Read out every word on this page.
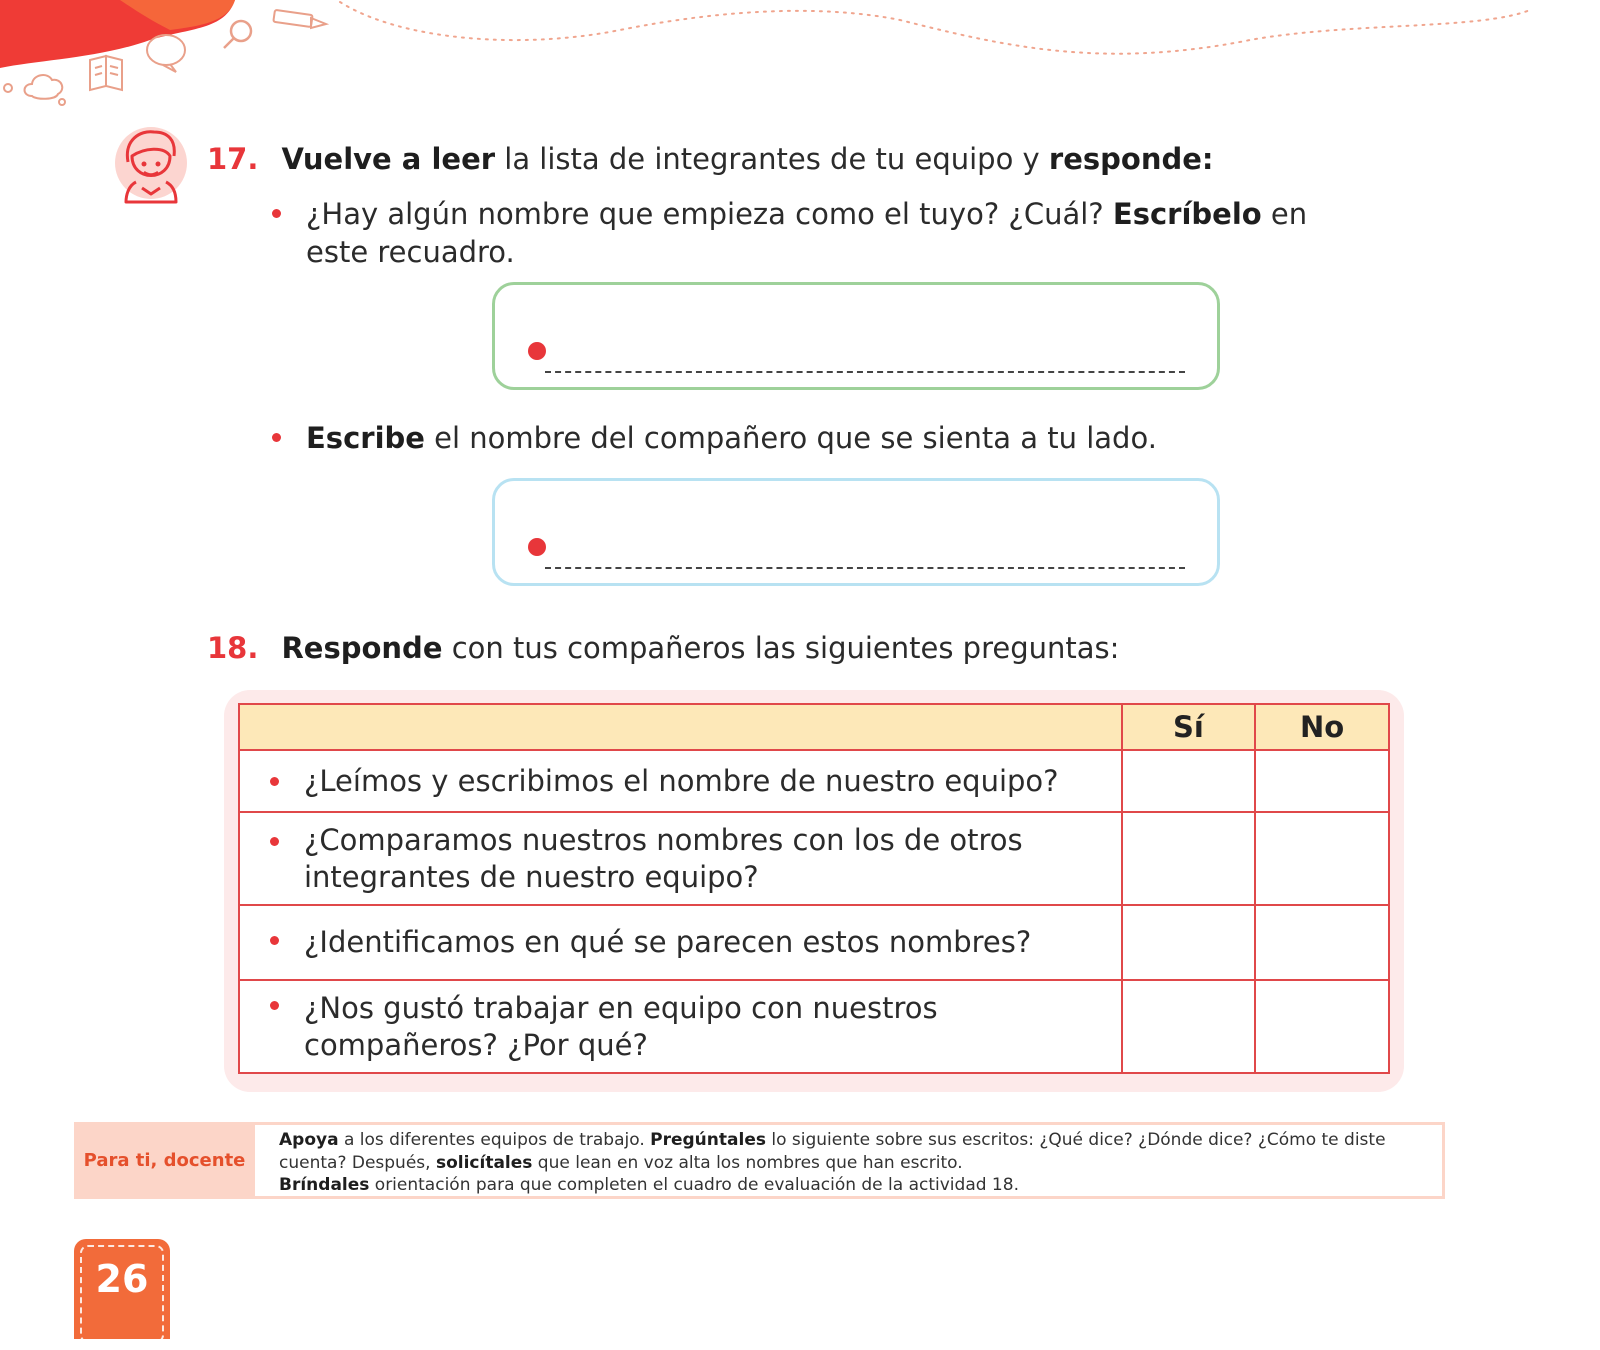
17. Vuelve a leer la lista de integrantes de tu equipo y responde:
¿Hay algún nombre que empieza como el tuyo? ¿Cuál? Escríbelo en
este recuadro.
Escribe el nombre del compañero que se sienta a tu lado.
18. Responde con tus compañeros las siguientes preguntas:
	Sí	No

¿Leímos y escribimos el nombre de nuestro equipo?		

¿Comparamos nuestros nombres con los de otros
integrantes de nuestro equipo?		

¿Identificamos en qué se parecen estos nombres?		

¿Nos gustó trabajar en equipo con nuestros
compañeros? ¿Por qué?		
Para ti, docente
Apoya a los diferentes equipos de trabajo. Pregúntales lo siguiente sobre sus escritos: ¿Qué dice? ¿Dónde dice? ¿Cómo te diste cuenta? Después, solicítales que lean en voz alta los nombres que han escrito.
Bríndales orientación para que completen el cuadro de evaluación de la actividad 18.
26
